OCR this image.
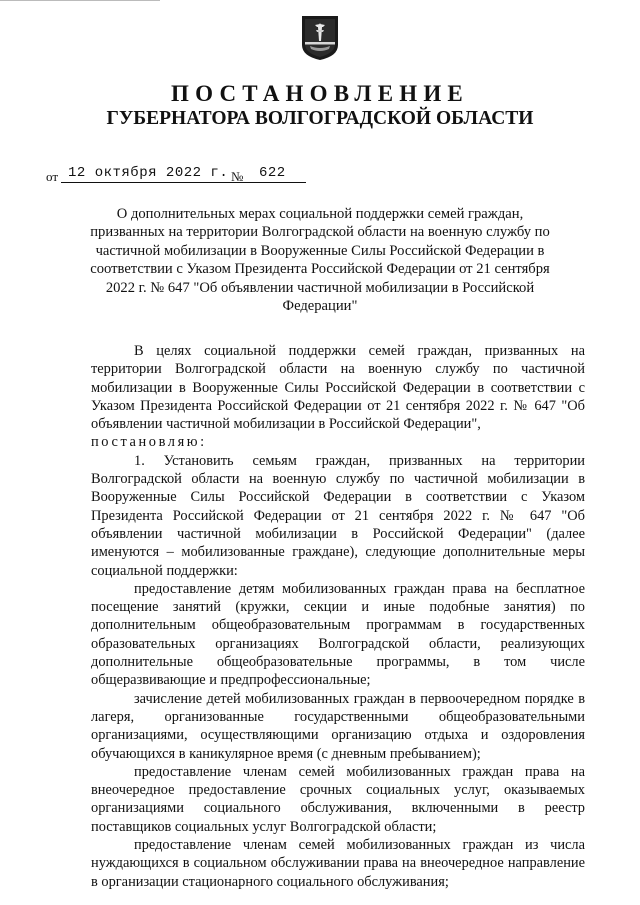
ПОСТАНОВЛЕНИЕ
ГУБЕРНАТОРА ВОЛГОГРАДСКОЙ ОБЛАСТИ
от 12 октября 2022 г. № 622
О дополнительных мерах социальной поддержки семей граждан, призванных на территории Волгоградской области на военную службу по частичной мобилизации в Вооруженные Силы Российской Федерации в соответствии с Указом Президента Российской Федерации от 21 сентября 2022 г. № 647 "Об объявлении частичной мобилизации в Российской Федерации"

В целях социальной поддержки семей граждан, призванных на территории Волгоградской области на военную службу по частичной мобилизации в Вооруженные Силы Российской Федерации в соответствии с Указом Президента Российской Федерации от 21 сентября 2022 г. № 647 "Об объявлении частичной мобилизации в Российской Федерации",

постановляю:

1. Установить семьям граждан, призванных на территории Волгоградской области на военную службу по частичной мобилизации в Вооруженные Силы Российской Федерации в соответствии с Указом Президента Российской Федерации от 21 сентября 2022 г. № 647 "Об объявлении частичной мобилизации в Российской Федерации" (далее именуются – мобилизованные граждане), следующие дополнительные меры социальной поддержки:

предоставление детям мобилизованных граждан права на бесплатное посещение занятий (кружки, секции и иные подобные занятия) по дополнительным общеобразовательным программам в государственных образовательных организациях Волгоградской области, реализующих дополнительные общеобразовательные программы, в том числе общеразвивающие и предпрофессиональные;

зачисление детей мобилизованных граждан в первоочередном порядке в лагеря, организованные государственными общеобразовательными организациями, осуществляющими организацию отдыха и оздоровления обучающихся в каникулярное время (с дневным пребыванием);

предоставление членам семей мобилизованных граждан права на внеочередное предоставление срочных социальных услуг, оказываемых организациями социального обслуживания, включенными в реестр поставщиков социальных услуг Волгоградской области;

предоставление членам семей мобилизованных граждан из числа нуждающихся в социальном обслуживании права на внеочередное направление в организации стационарного социального обслуживания;
